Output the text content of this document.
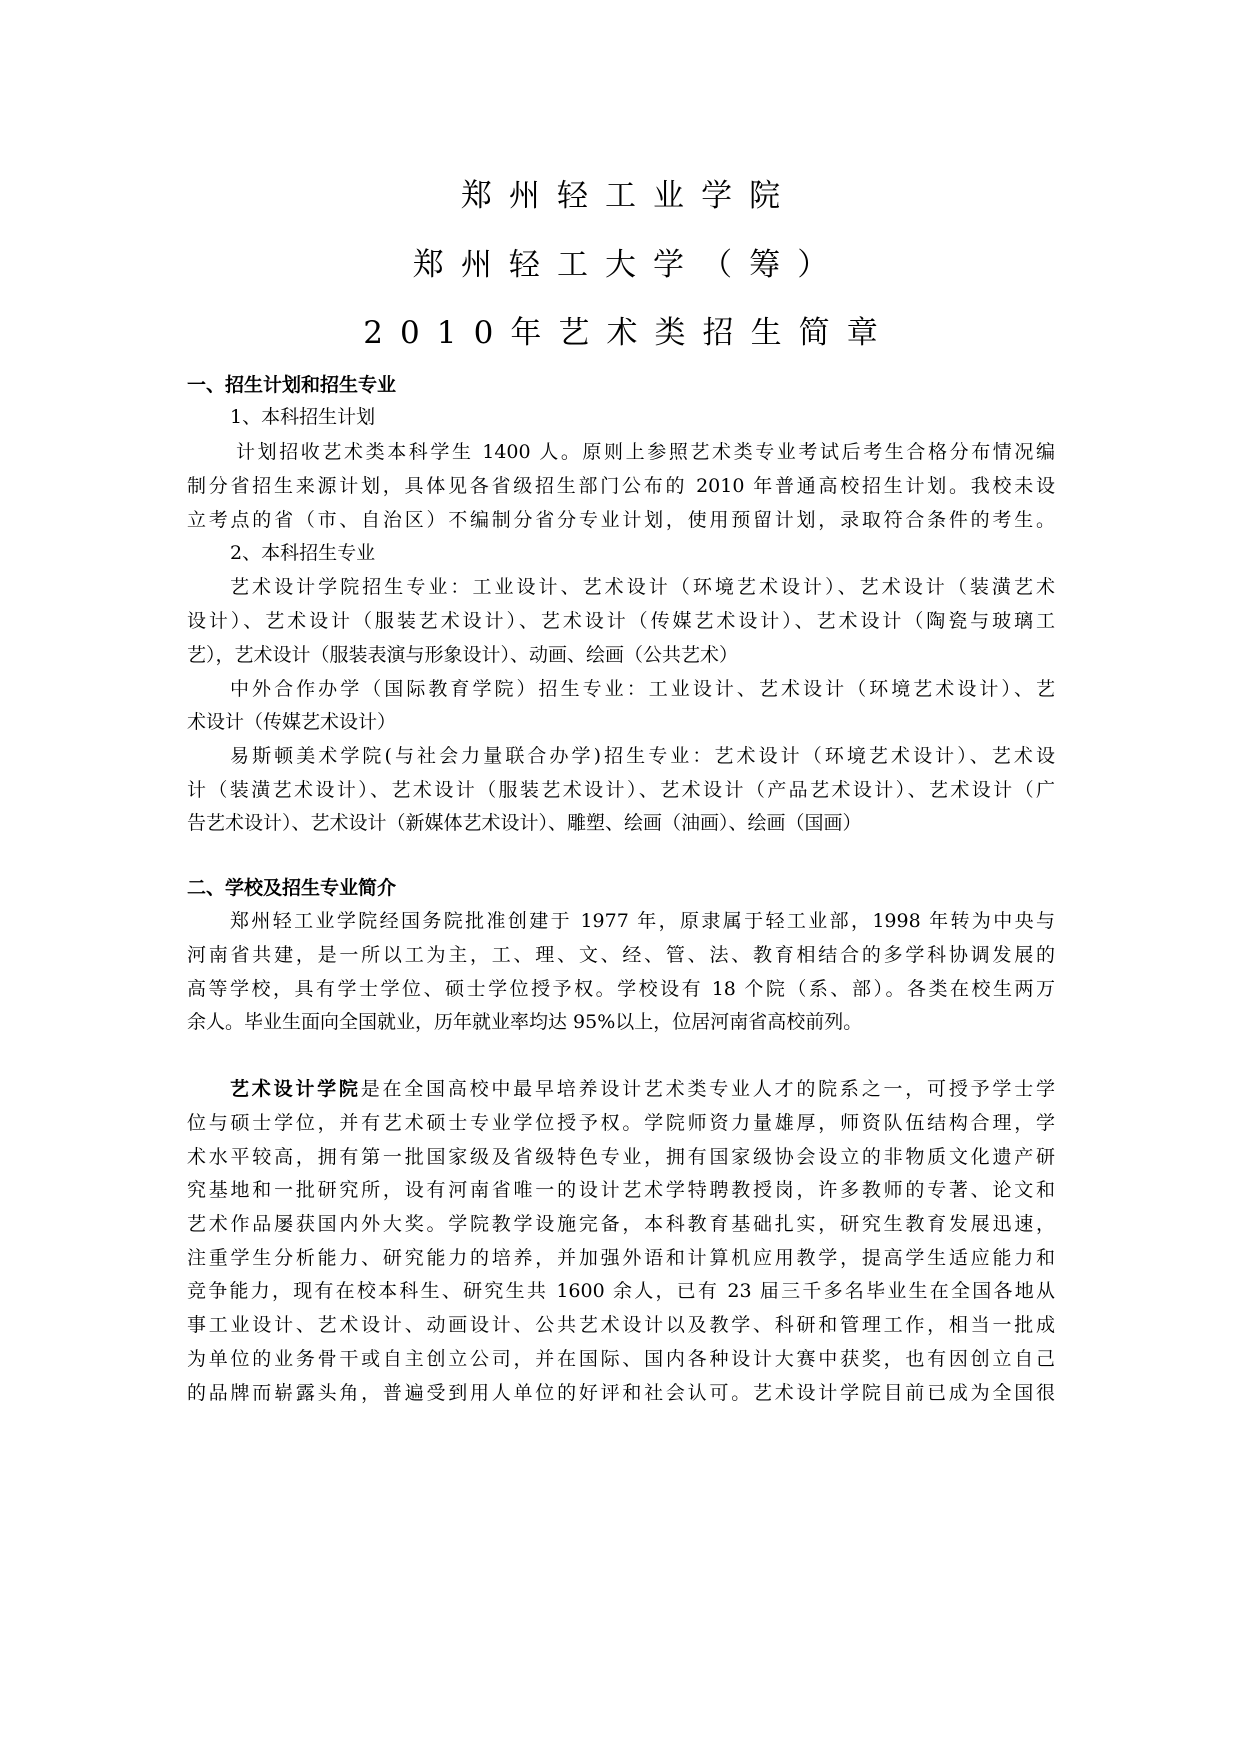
郑州轻工业学院
郑州轻工大学（筹）
2010年艺术类招生简章
一、招生计划和招生专业
1、本科招生计划
计划招收艺术类本科学生 1400 人。原则上参照艺术类专业考试后考生合格分布情况编
制分省招生来源计划，具体见各省级招生部门公布的 2010 年普通高校招生计划。我校未设
立考点的省（市、自治区）不编制分省分专业计划，使用预留计划，录取符合条件的考生。
2、本科招生专业
艺术设计学院招生专业：工业设计、艺术设计（环境艺术设计）、艺术设计（装潢艺术
设计）、艺术设计（服装艺术设计）、艺术设计（传媒艺术设计）、艺术设计（陶瓷与玻璃工
艺），艺术设计（服装表演与形象设计）、动画、绘画（公共艺术）
中外合作办学（国际教育学院）招生专业：工业设计、艺术设计（环境艺术设计）、艺
术设计（传媒艺术设计）
易斯顿美术学院(与社会力量联合办学)招生专业：艺术设计（环境艺术设计）、艺术设
计（装潢艺术设计）、艺术设计（服装艺术设计）、艺术设计（产品艺术设计）、艺术设计（广
告艺术设计）、艺术设计（新媒体艺术设计）、雕塑、绘画（油画）、绘画（国画）
二、学校及招生专业简介
郑州轻工业学院经国务院批准创建于 1977 年，原隶属于轻工业部，1998 年转为中央与
河南省共建，是一所以工为主，工、理、文、经、管、法、教育相结合的多学科协调发展的
高等学校，具有学士学位、硕士学位授予权。学校设有 18 个院（系、部）。各类在校生两万
余人。毕业生面向全国就业，历年就业率均达 95%以上，位居河南省高校前列。
艺术设计学院是在全国高校中最早培养设计艺术类专业人才的院系之一，可授予学士学
位与硕士学位，并有艺术硕士专业学位授予权。学院师资力量雄厚，师资队伍结构合理，学
术水平较高，拥有第一批国家级及省级特色专业，拥有国家级协会设立的非物质文化遗产研
究基地和一批研究所，设有河南省唯一的设计艺术学特聘教授岗，许多教师的专著、论文和
艺术作品屡获国内外大奖。学院教学设施完备，本科教育基础扎实，研究生教育发展迅速，
注重学生分析能力、研究能力的培养，并加强外语和计算机应用教学，提高学生适应能力和
竞争能力，现有在校本科生、研究生共 1600 余人，已有 23 届三千多名毕业生在全国各地从
事工业设计、艺术设计、动画设计、公共艺术设计以及教学、科研和管理工作，相当一批成
为单位的业务骨干或自主创立公司，并在国际、国内各种设计大赛中获奖，也有因创立自己
的品牌而崭露头角，普遍受到用人单位的好评和社会认可。艺术设计学院目前已成为全国很
